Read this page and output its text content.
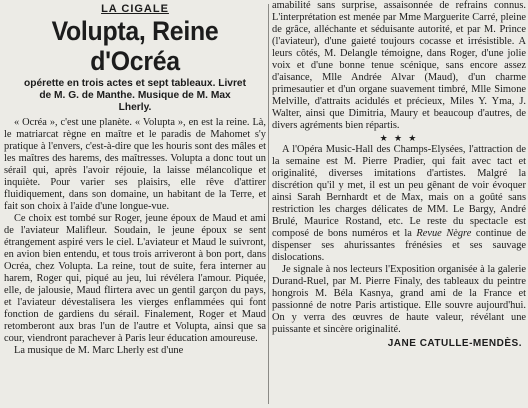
LA CIGALE
Volupta, Reine d'Ocréa
opérette en trois actes et sept tableaux. Livret
de M. G. de Manthe. Musique de M. Max
Lherly.

« Ocréa », c'est une planète. « Volupta », en est la reine. Là, le matriarcat règne en maître et le paradis de Mahomet s'y pratique à l'envers, c'est-à-dire que les houris sont des mâles et les maîtres des harems, des maîtresses. Volupta a donc tout un sérail qui, après l'avoir réjouie, la laisse mélancolique et inquiète. Pour varier ses plaisirs, elle rêve d'attirer fluidiquement, dans son domaine, un habitant de la Terre, et fait son choix à l'aide d'une longue-vue.

Ce choix est tombé sur Roger, jeune époux de Maud et ami de l'aviateur Malifleur. Soudain, le jeune époux se sent étrangement aspiré vers le ciel. L'aviateur et Maud le suivront, en avion bien entendu, et tous trois arriveront à bon port, dans Ocréa, chez Volupta. La reine, tout de suite, fera interner au harem, Roger qui, piqué au jeu, lui révélera l'amour. Piquée, elle, de jalousie, Maud flirtera avec un gentil garçon du pays, et l'aviateur dévestalisera les vierges enflammées qui font fonction de gardiens du sérail. Finalement, Roger et Maud retomberont aux bras l'un de l'autre et Volupta, ainsi que sa cour, viendront parachever à Paris leur éducation amoureuse.

La musique de M. Marc Lherly est d'une

amabilité sans surprise, assaisonnée de refrains connus. L'interprétation est menée par Mme Marguerite Carré, pleine de grâce, alléchante et séduisante autorité, et par M. Prince (l'aviateur), d'une gaieté toujours cocasse et irrésistible. A leurs côtés, M. Delangle témoigne, dans Roger, d'une jolie voix et d'une bonne tenue scénique, sans encore assez d'aisance, Mlle Andrée Alvar (Maud), d'un charme primesautier et d'un organe suavement timbré, Mlle Simone Melville, d'attraits acidulés et précieux, Miles Y. Yma, J. Walter, ainsi que Dimitria, Maury et beaucoup d'autres, de divers agréments bien répartis.

★ ★ ★

A l'Opéra Music-Hall des Champs-Elysées, l'attraction de la semaine est M. Pierre Pradier, qui fait avec tact et originalité, diverses imitations d'artistes. Malgré la discrétion qu'il y met, il est un peu gênant de voir évoquer ainsi Sarah Bernhardt et de Max, mais on a goûté sans restriction les charges délicates de MM. Le Bargy, André Brulé, Maurice Rostand, etc. Le reste du spectacle est composé de bons numéros et la Revue Nègre continue de dispenser ses ahurissantes frénésies et ses sauvage dislocations.

Je signale à nos lecteurs l'Exposition organisée à la galerie Durand-Ruel, par M. Pierre Finaly, des tableaux du peintre hongrois M. Béla Kasnya, grand ami de la France et passionné de notre Paris artistique. Elle souvre aujourd'hui. On y verra des œuvres de haute valeur, révélant une puissante et sincère originalité.

JANE CATULLE-MENDÈS.
